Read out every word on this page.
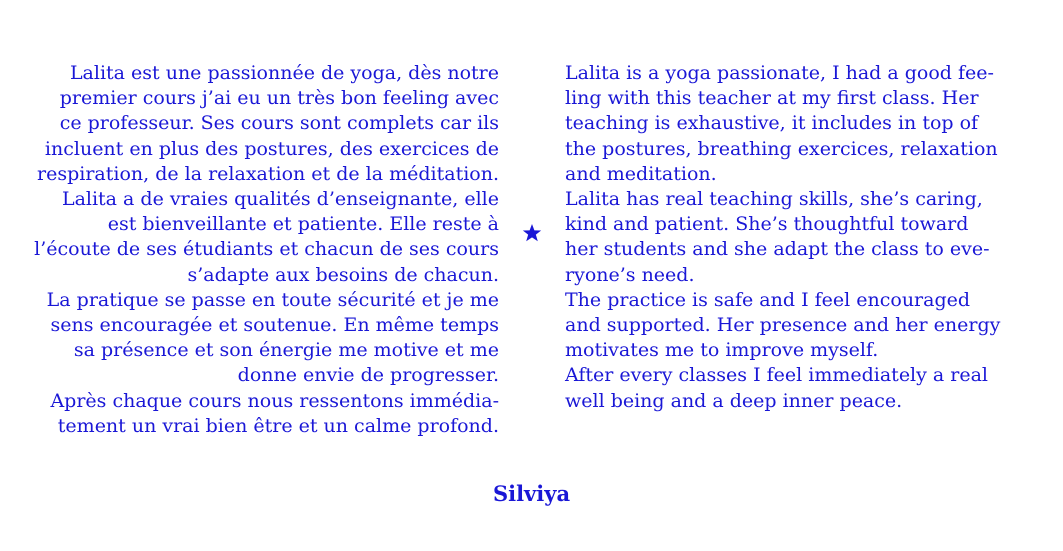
Lalita est une passionnée de yoga, dès notre
premier cours j’ai eu un très bon feeling avec
ce professeur. Ses cours sont complets car ils
incluent en plus des postures, des exercices de
respiration, de la relaxation et de la méditation.
Lalita a de vraies qualités d’enseignante, elle
est bienveillante et patiente. Elle reste à
l’écoute de ses étudiants et chacun de ses cours
s’adapte aux besoins de chacun.
La pratique se passe en toute sécurité et je me
sens encouragée et soutenue. En même temps
sa présence et son énergie me motive et me
donne envie de progresser.
Après chaque cours nous ressentons immédia-
tement un vrai bien être et un calme profond.
Lalita is a yoga passionate, I had a good fee-
ling with this teacher at my first class. Her
teaching is exhaustive, it includes in top of
the postures, breathing exercices, relaxation
and meditation.
Lalita has real teaching skills, she’s caring,
kind and patient. She’s thoughtful toward
her students and she adapt the class to eve-
ryone’s need.
The practice is safe and I feel encouraged
and supported. Her presence and her energy
motivates me to improve myself.
After every classes I feel immediately a real
well being and a deep inner peace.
Silviya
